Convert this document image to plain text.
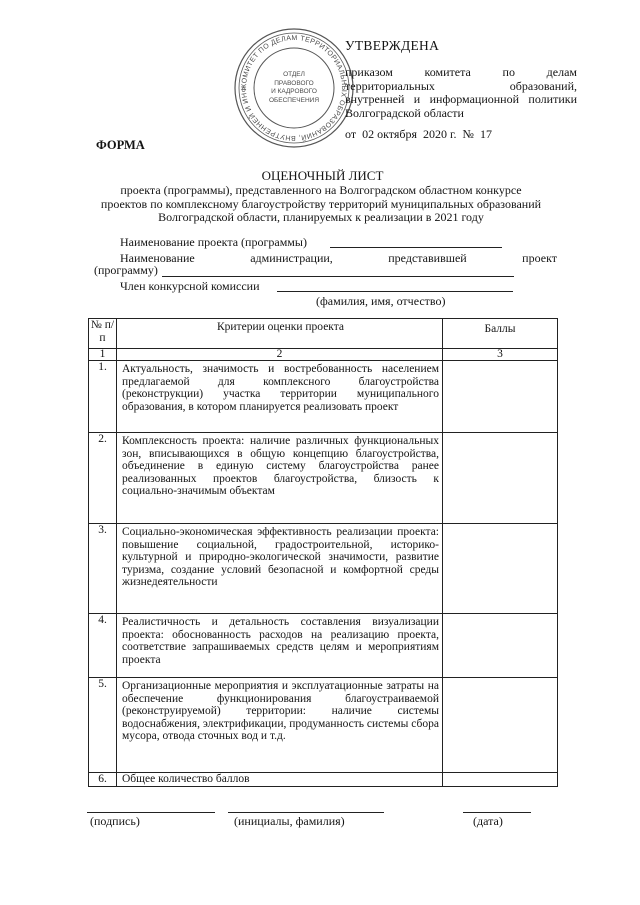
КОМИТЕТ ПО ДЕЛАМ ТЕРРИТОРИАЛЬНЫХ ОБРАЗОВАНИЙ, ВНУТРЕННЕЙ И ИНФ
ОТДЕЛ
ПРАВОВОГО
И КАДРОВОГО
ОБЕСПЕЧЕНИЯ
УТВЕРЖДЕНА
приказом комитета по делам
территориальных образований,
внутренней и информационной политики
Волгоградской области
от  02 октября  2020 г.  №  17
ФОРМА
ОЦЕНОЧНЫЙ ЛИСТ
проекта (программы), представленного на Волгоградском областном конкурсе
проектов по комплексному благоустройству территорий муниципальных образований
Волгоградской области, планируемых к реализации в 2021 году
Наименование проекта (программы)
Наименование	администрации,	представившей	проект
(программу)
Член конкурсной комиссии
(фамилия, имя, отчество)
№ п/п	Критерии оценки проекта	Баллы
1	2	3
1.	Актуальность, значимость и востребованность населением предлагаемой для комплексного благоустройства (реконструкции) участка территории муниципального образования, в котором планируется реализовать проект	

2.	Комплексность проекта: наличие различных функциональных зон, вписывающихся в общую концепцию благоустройства, объединение в единую систему благоустройства ранее реализованных проектов благоустройства, близость к социально-значимым объектам	

3.	Социально-экономическая эффективность реализации проекта: повышение социальной, градостроительной, историко-культурной и природно-экологической значимости, развитие туризма, создание условий безопасной и комфортной среды жизнедеятельности	

4.	Реалистичность и детальность составления визуализации проекта: обоснованность расходов на реализацию проекта, соответствие запрашиваемых средств целям и мероприятиям проекта	

5.	Организационные мероприятия и эксплуатационные затраты на обеспечение функционирования благоустраиваемой (реконструируемой) территории: наличие системы водоснабжения, электрификации, продуманность системы сбора мусора, отвода сточных вод и т.д.	

6.	Общее количество баллов	

(подпись)	(инициалы, фамилия)	(дата)
